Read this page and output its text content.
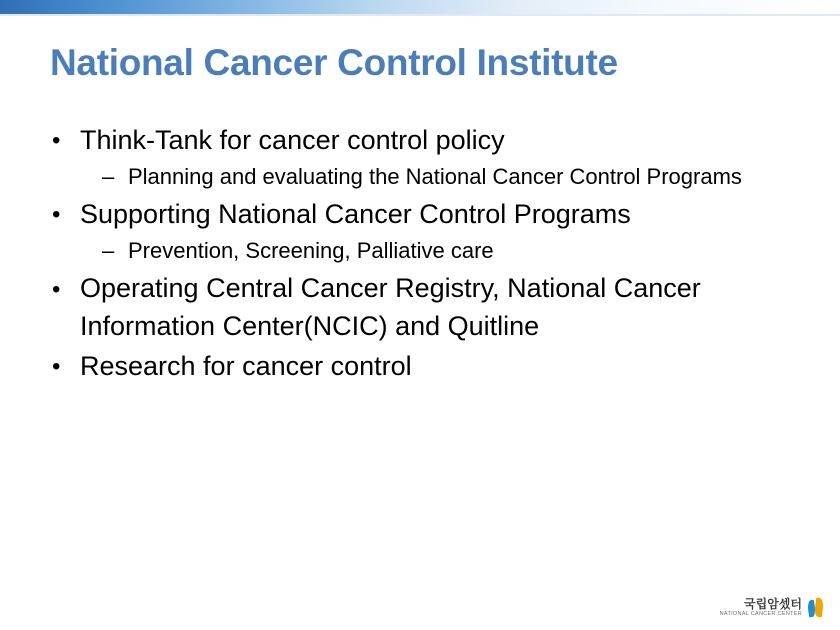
National Cancer Control Institute
• Think-Tank for cancer control policy
– Planning and evaluating the National Cancer Control Programs
• Supporting National Cancer Control Programs
– Prevention, Screening, Palliative care
• Operating Central Cancer Registry, National Cancer Information Center(NCIC) and Quitline
• Research for cancer control
국립암셌터
NATIONAL CANCER CENTER
